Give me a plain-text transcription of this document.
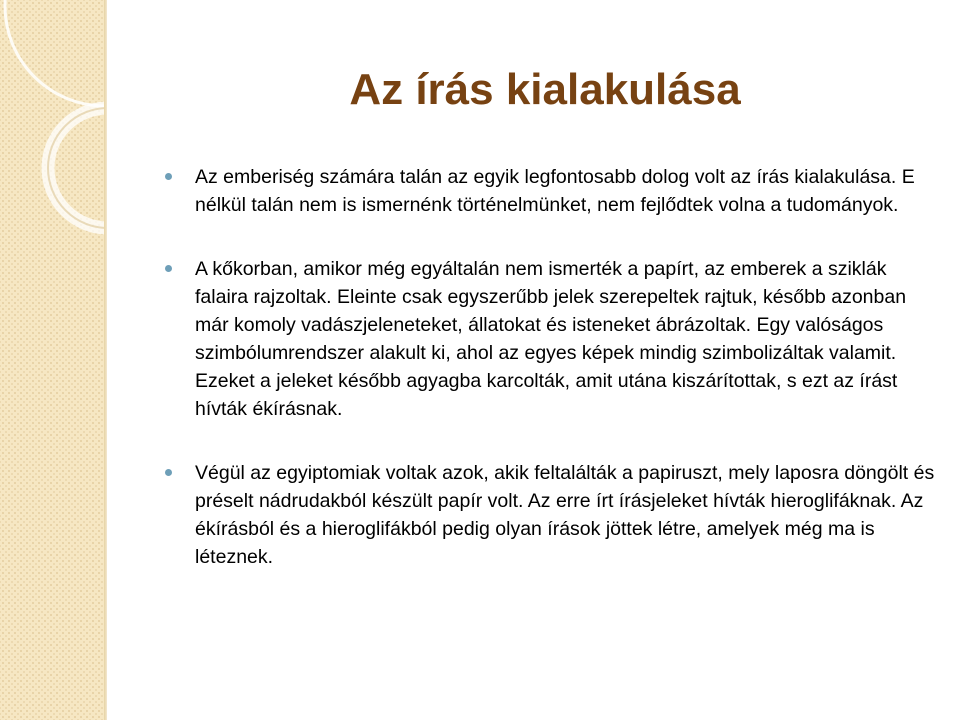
Az írás kialakulása
Az emberiség számára talán az egyik legfontosabb dolog volt az írás kialakulása. E nélkül talán nem is ismernénk történelmünket, nem fejlődtek volna a tudományok.
A kőkorban, amikor még egyáltalán nem ismerték a papírt, az emberek a sziklák falaira rajzoltak. Eleinte csak egyszerűbb jelek szerepeltek rajtuk, később azonban már komoly vadászjeleneteket, állatokat és isteneket ábrázoltak. Egy valóságos szimbólumrendszer alakult ki, ahol az egyes képek mindig szimbolizáltak valamit. Ezeket a jeleket később agyagba karcolták, amit utána kiszárítottak, s ezt az írást hívták ékírásnak.
Végül az egyiptomiak voltak azok, akik feltalálták a papiruszt, mely laposra döngölt és préselt nádrudakból készült papír volt. Az erre írt írásjeleket hívták hieroglifáknak. Az ékírásból és a hieroglifákból pedig olyan írások jöttek létre, amelyek még ma is léteznek.
